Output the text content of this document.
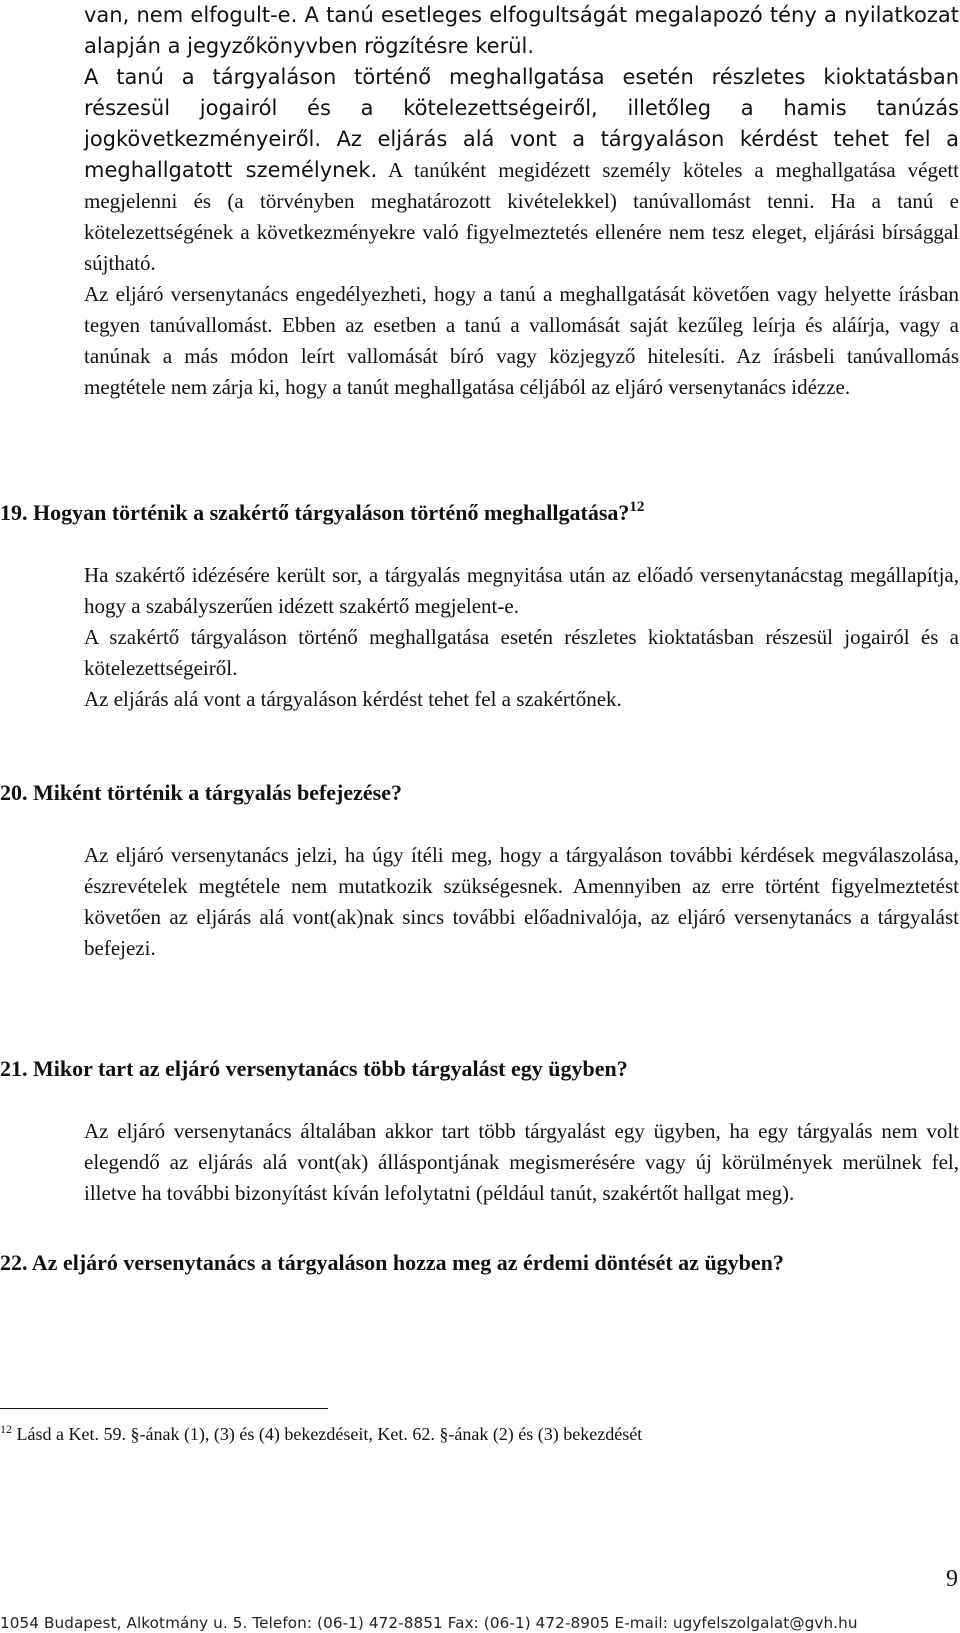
van, nem elfogult-e. A tanú esetleges elfogultságát megalapozó tény a nyilatkozat alapján a jegyzőkönyvben rögzítésre kerül.

A tanú a tárgyaláson történő meghallgatása esetén részletes kioktatásban részesül jogairól és a kötelezettségeiről, illetőleg a hamis tanúzás jogkövetkezményeiről. Az eljárás alá vont a tárgyaláson kérdést tehet fel a meghallgatott személynek. A tanúként megidézett személy köteles a meghallgatása végett megjelenni és (a törvényben meghatározott kivételekkel) tanúvallomást tenni. Ha a tanú e kötelezettségének a következményekre való figyelmeztetés ellenére nem tesz eleget, eljárási bírsággal sújtható.

Az eljáró versenytanács engedélyezheti, hogy a tanú a meghallgatását követően vagy helyette írásban tegyen tanúvallomást. Ebben az esetben a tanú a vallomását saját kezűleg leírja és aláírja, vagy a tanúnak a más módon leírt vallomását bíró vagy közjegyző hitelesíti. Az írásbeli tanúvallomás megtétele nem zárja ki, hogy a tanút meghallgatása céljából az eljáró versenytanács idézze.

19. Hogyan történik a szakértő tárgyaláson történő meghallgatása?$^{12}$

Ha szakértő idézésére került sor, a tárgyalás megnyitása után az előadó versenytanácstag megállapítja, hogy a szabályszerűen idézett szakértő megjelent-e.

A szakértő tárgyaláson történő meghallgatása esetén részletes kioktatásban részesül jogairól és a kötelezettségeiről.

Az eljárás alá vont a tárgyaláson kérdést tehet fel a szakértőnek.

20. Miként történik a tárgyalás befejezése?

Az eljáró versenytanács jelzi, ha úgy ítéli meg, hogy a tárgyaláson további kérdések megválaszolása, észrevételek megtétele nem mutatkozik szükségesnek. Amennyiben az erre történt figyelmeztetést követően az eljárás alá vont(ak)nak sincs további előadnivalója, az eljáró versenytanács a tárgyalást befejezi.

21. Mikor tart az eljáró versenytanács több tárgyalást egy ügyben?

Az eljáró versenytanács általában akkor tart több tárgyalást egy ügyben, ha egy tárgyalás nem volt elegendő az eljárás alá vont(ak) álláspontjának megismerésére vagy új körülmények merülnek fel, illetve ha további bizonyítást kíván lefolytatni (például tanút, szakértőt hallgat meg).

22. Az eljáró versenytanács a tárgyaláson hozza meg az érdemi döntését az ügyben?

$^{12}$ Lásd a Ket. 59. §-ának (1), (3) és (4) bekezdéseit, Ket. 62. §-ának (2) és (3) bekezdését

9

1054 Budapest, Alkotmány u. 5. Telefon: (06-1) 472-8851 Fax: (06-1) 472-8905 E-mail: ugyfelszolgalat@gvh.hu
